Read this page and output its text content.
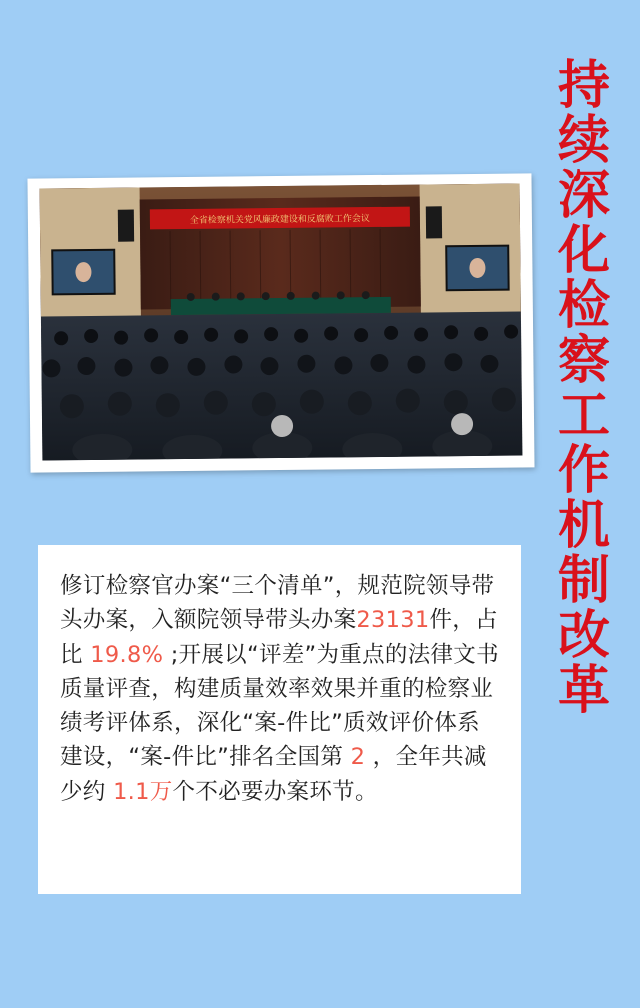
全省检察机关党风廉政建设和反腐败工作会议
持
续
深
化
检
察
工
作
机
制
改
革

修订检察官办案“三个清单”，规范院领导带头办案，入额院领导带头办案23131件，占比 19.8% ;开展以“评差”为重点的法律文书质量评查，构建质量效率效果并重的检察业绩考评体系，深化“案-件比”质效评价体系建设，“案-件比”排名全国第 2 ，全年共减少约 1.1万个不必要办案环节。
